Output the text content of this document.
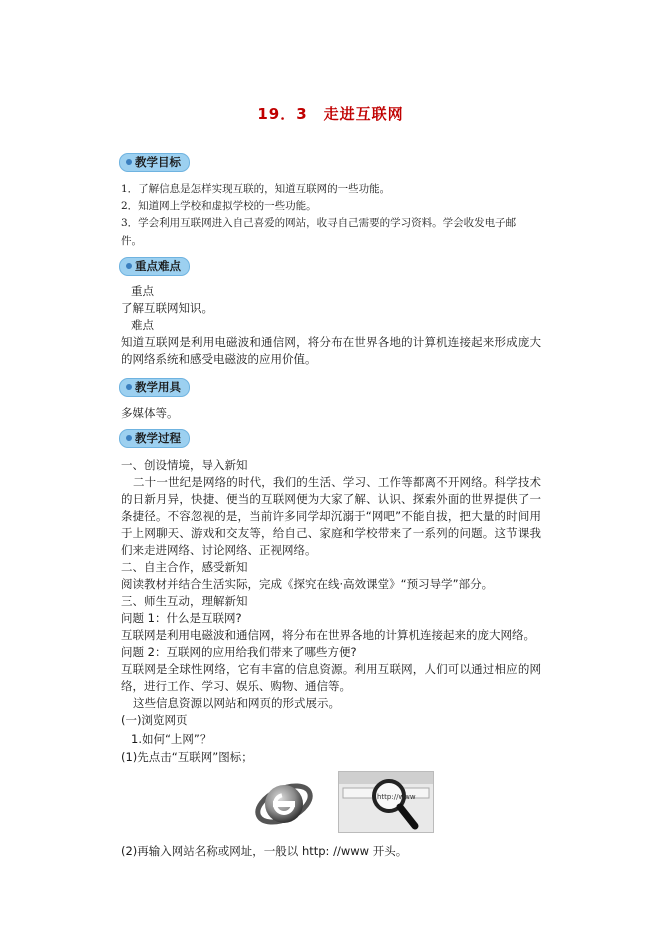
19．3　走进互联网
教学目标
1．了解信息是怎样实现互联的，知道互联网的一些功能。
2．知道网上学校和虚拟学校的一些功能。
3．学会利用互联网进入自己喜爱的网站，收寻自己需要的学习资料。学会收发电子邮
件。
重点难点
重点
了解互联网知识。
难点
知道互联网是利用电磁波和通信网，将分布在世界各地的计算机连接起来形成庞大的网络系统和感受电磁波的应用价值。
教学用具
多媒体等。
教学过程
一、创设情境，导入新知
二十一世纪是网络的时代，我们的生活、学习、工作等都离不开网络。科学技术的日新月异，快捷、便当的互联网便为大家了解、认识、探索外面的世界提供了一条捷径。不容忽视的是，当前许多同学却沉溺于“网吧”不能自拔，把大量的时间用于上网聊天、游戏和交友等，给自己、家庭和学校带来了一系列的问题。这节课我们来走进网络、讨论网络、正视网络。
二、自主合作，感受新知
阅读教材并结合生活实际，完成《探究在线·高效课堂》“预习导学”部分。
三、师生互动，理解新知
问题 1：什么是互联网?
互联网是利用电磁波和通信网，将分布在世界各地的计算机连接起来的庞大网络。
问题 2：互联网的应用给我们带来了哪些方便?
互联网是全球性网络，它有丰富的信息资源。利用互联网，人们可以通过相应的网络，进行工作、学习、娱乐、购物、通信等。
这些信息资源以网站和网页的形式展示。
(一)浏览网页
1.如何“上网”？
(1)先点击“互联网”图标；
http://www
(2)再输入网站名称或网址，一般以 http: //www 开头。
